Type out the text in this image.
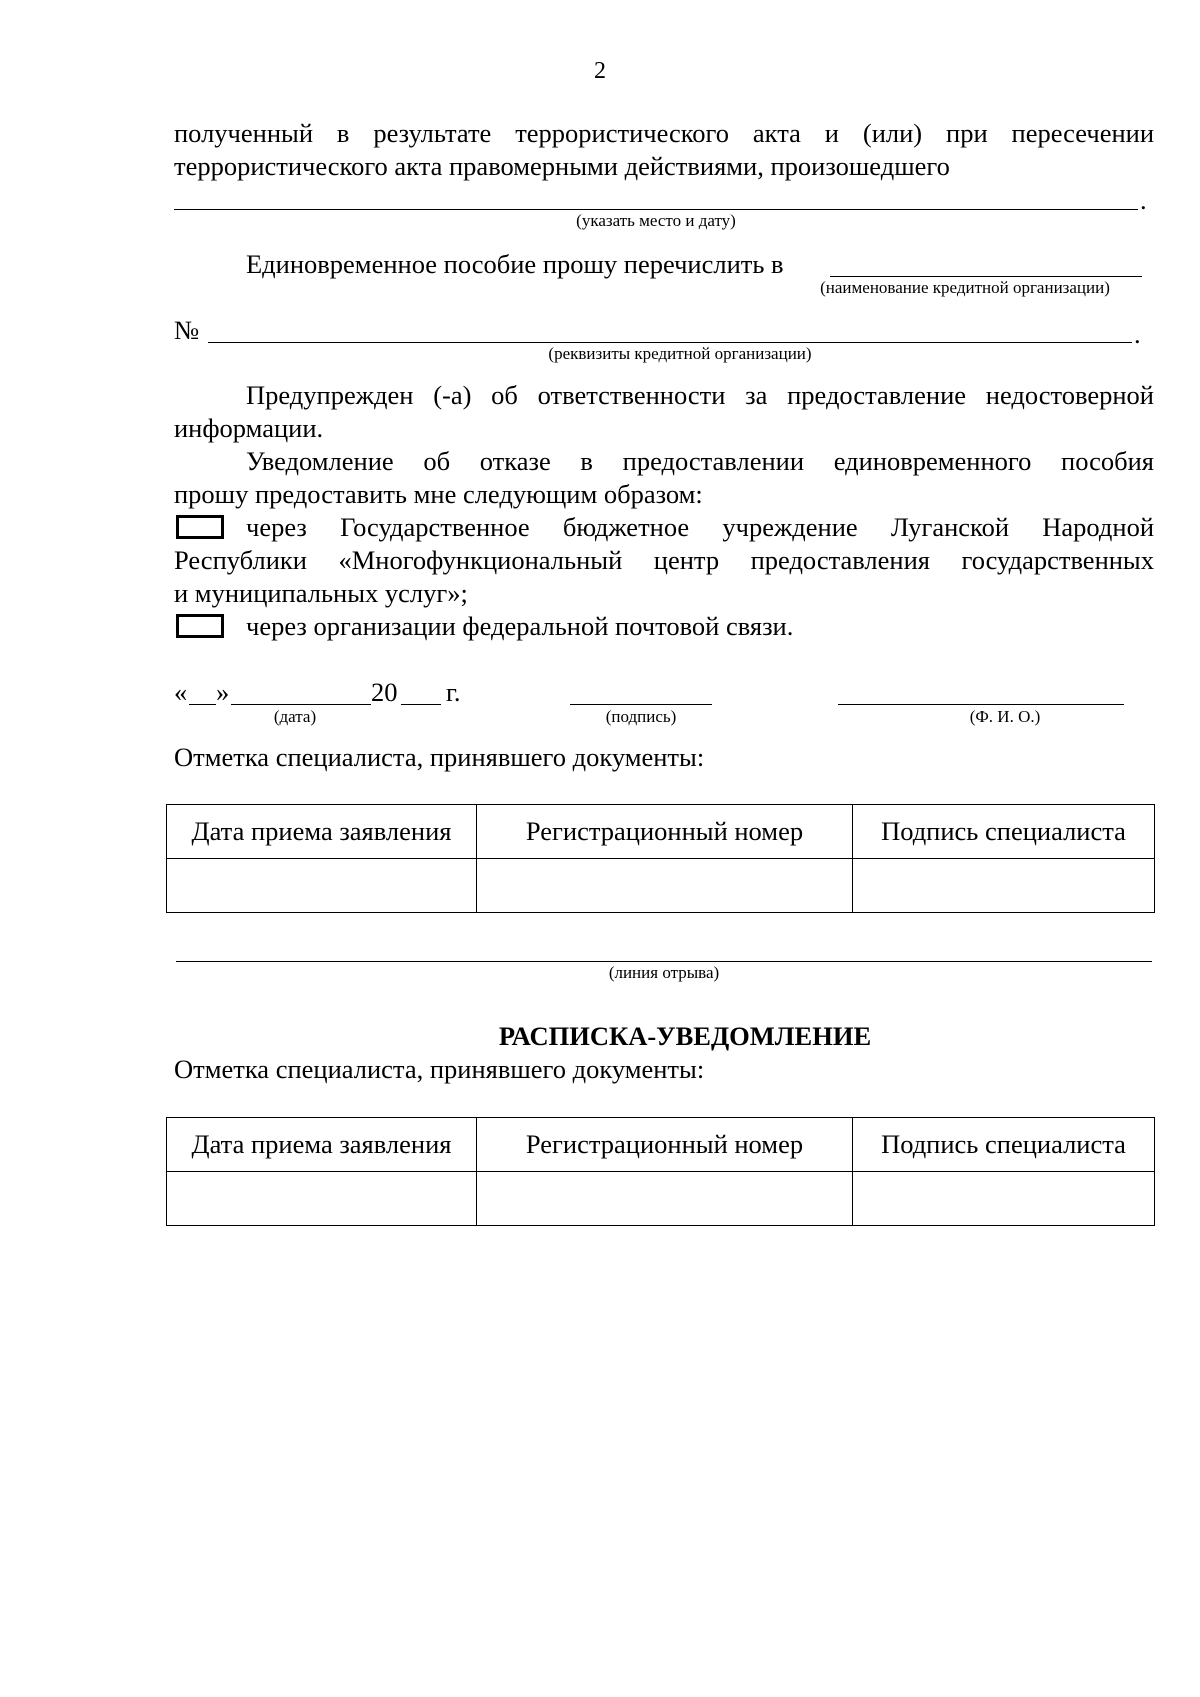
2
полученный в результате террористического акта и (или) при пересечении
террористического акта правомерными действиями, произошедшего
.
(указать место и дату)
Единовременное пособие прошу перечислить в
(наименование кредитной организации)
№	.
(реквизиты кредитной организации)
Предупрежден (-а) об ответственности за предоставление недостоверной
информации.
Уведомление об отказе в предоставлении единовременного пособия
прошу предоставить мне следующим образом:
через Государственное бюджетное учреждение Луганской Народной
Республики «Многофункциональный центр предоставления государственных
и муниципальных услуг»;
через организации федеральной почтовой связи.
« »	20 г.
(дата)	(подпись)	(Ф. И. О.)
Отметка специалиста, принявшего документы:
Дата приема заявления	Регистрационный номер	Подпись специалиста

(линия отрыва)
РАСПИСКА-УВЕДОМЛЕНИЕ
Отметка специалиста, принявшего документы:
Дата приема заявления	Регистрационный номер	Подпись специалиста
